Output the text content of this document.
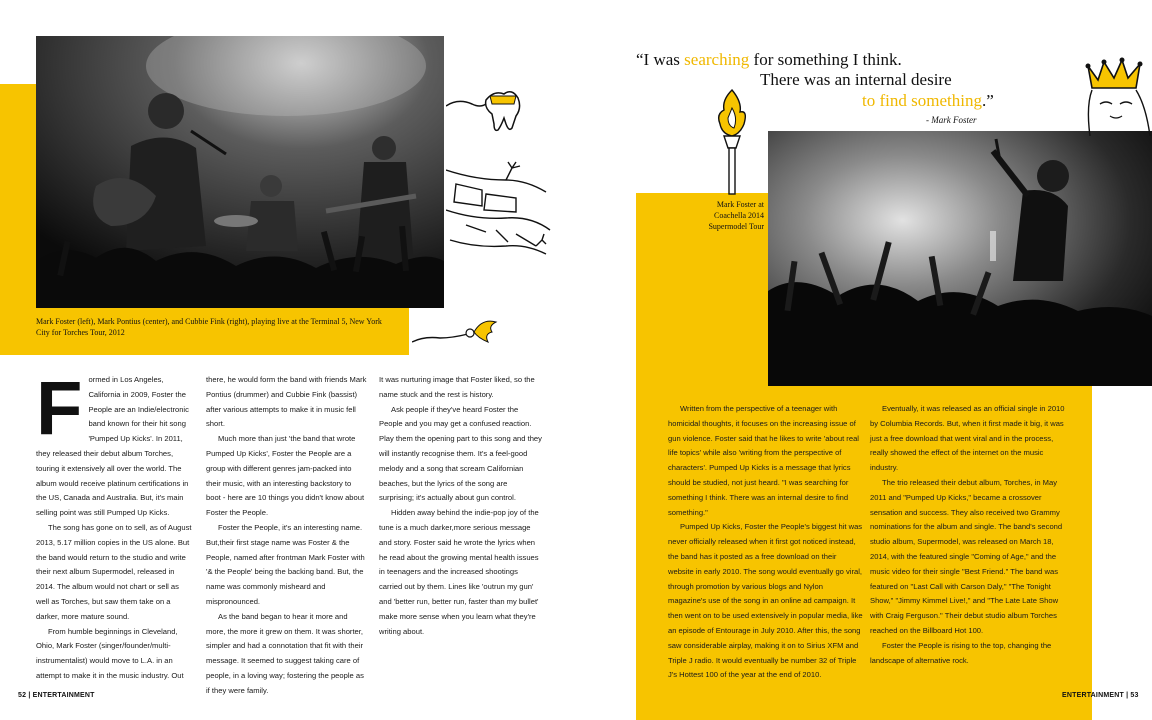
Mark Foster (left), Mark Pontius (center), and Cubbie Fink (right), playing live at the Terminal 5, New York City for Torches Tour, 2012
Mark Foster at Coachella 2014 Supermodel Tour
“I was searching for something I think.
There was an internal desire
to find something.”
- Mark Foster
F ormed in Los Angeles, California in 2009, Foster the People are an Indie/electronic band known for their hit song 'Pumped Up Kicks'. In 2011, they released their debut album Torches, touring it extensively all over the world. The album would receive platinum certifications in the US, Canada and Australia. But, it's main selling point was still Pumped Up Kicks.

The song has gone on to sell, as of August 2013, 5.17 million copies in the US alone. But the band would return to the studio and write their next album Supermodel, released in 2014. The album would not chart or sell as well as Torches, but saw them take on a darker, more mature sound.

From humble beginnings in Cleveland, Ohio, Mark Foster (singer/founder/multi-instrumentalist) would move to L.A. in an attempt to make it in the music industry. Out

there, he would form the band with friends Mark Pontius (drummer) and Cubbie Fink (bassist) after various attempts to make it in music fell short.

Much more than just 'the band that wrote Pumped Up Kicks', Foster the People are a group with different genres jam-packed into their music, with an interesting backstory to boot - here are 10 things you didn't know about Foster the People.

Foster the People, it's an interesting name. But,their first stage name was Foster & the People, named after frontman Mark Foster with '& the People' being the backing band. But, the name was commonly misheard and mispronounced.

As the band began to hear it more and more, the more it grew on them. It was shorter, simpler and had a connotation that fit with their message. It seemed to suggest taking care of people, in a loving way; fostering the people as if they were family.

It was nurturing image that Foster liked, so the name stuck and the rest is history.

Ask people if they've heard Foster the People and you may get a confused reaction. Play them the opening part to this song and they will instantly recognise them. It's a feel-good melody and a song that scream Californian beaches, but the lyrics of the song are surprising; it's actually about gun control.

Hidden away behind the indie-pop joy of the tune is a much darker,more serious message and story. Foster said he wrote the lyrics when he read about the growing mental health issues in teenagers and the increased shootings carried out by them. Lines like 'outrun my gun' and 'better run, better run, faster than my bullet' make more sense when you learn what they're writing about.

Written from the perspective of a teenager with homicidal thoughts, it focuses on the increasing issue of gun violence. Foster said that he likes to write 'about real life topics' while also 'writing from the perspective of characters'. Pumped Up Kicks is a message that lyrics should be studied, not just heard. "I was searching for something I think. There was an internal desire to find something."

Pumped Up Kicks, Foster the People's biggest hit was never officially released when it first got noticed instead, the band has it posted as a free download on their website in early 2010. The song would eventually go viral, through promotion by various blogs and Nylon magazine's use of the song in an online ad campaign. It then went on to be used extensively in popular media, like an episode of Entourage in July 2010. After this, the song saw considerable airplay, making it on to Sirius XFM and Triple J radio. It would eventually be number 32 of Triple J's Hottest 100 of the year at the end of 2010.

Eventually, it was released as an official single in 2010 by Columbia Records. But, when it first made it big, it was just a free download that went viral and in the process, really showed the effect of the internet on the music industry.

The trio released their debut album, Torches, in May 2011 and "Pumped Up Kicks," became a crossover sensation and success. They also received two Grammy nominations for the album and single. The band's second studio album, Supermodel, was released on March 18, 2014, with the featured single "Coming of Age," and the music video for their single "Best Friend." The band was featured on "Last Call with Carson Daly," "The Tonight Show," "Jimmy Kimmel Live!," and "The Late Late Show with Craig Ferguson." Their debut studio album Torches reached on the Billboard Hot 100.

Foster the People is rising to the top, changing the landscape of alternative rock.

52 | ENTERTAINMENT	ENTERTAINMENT | 53
